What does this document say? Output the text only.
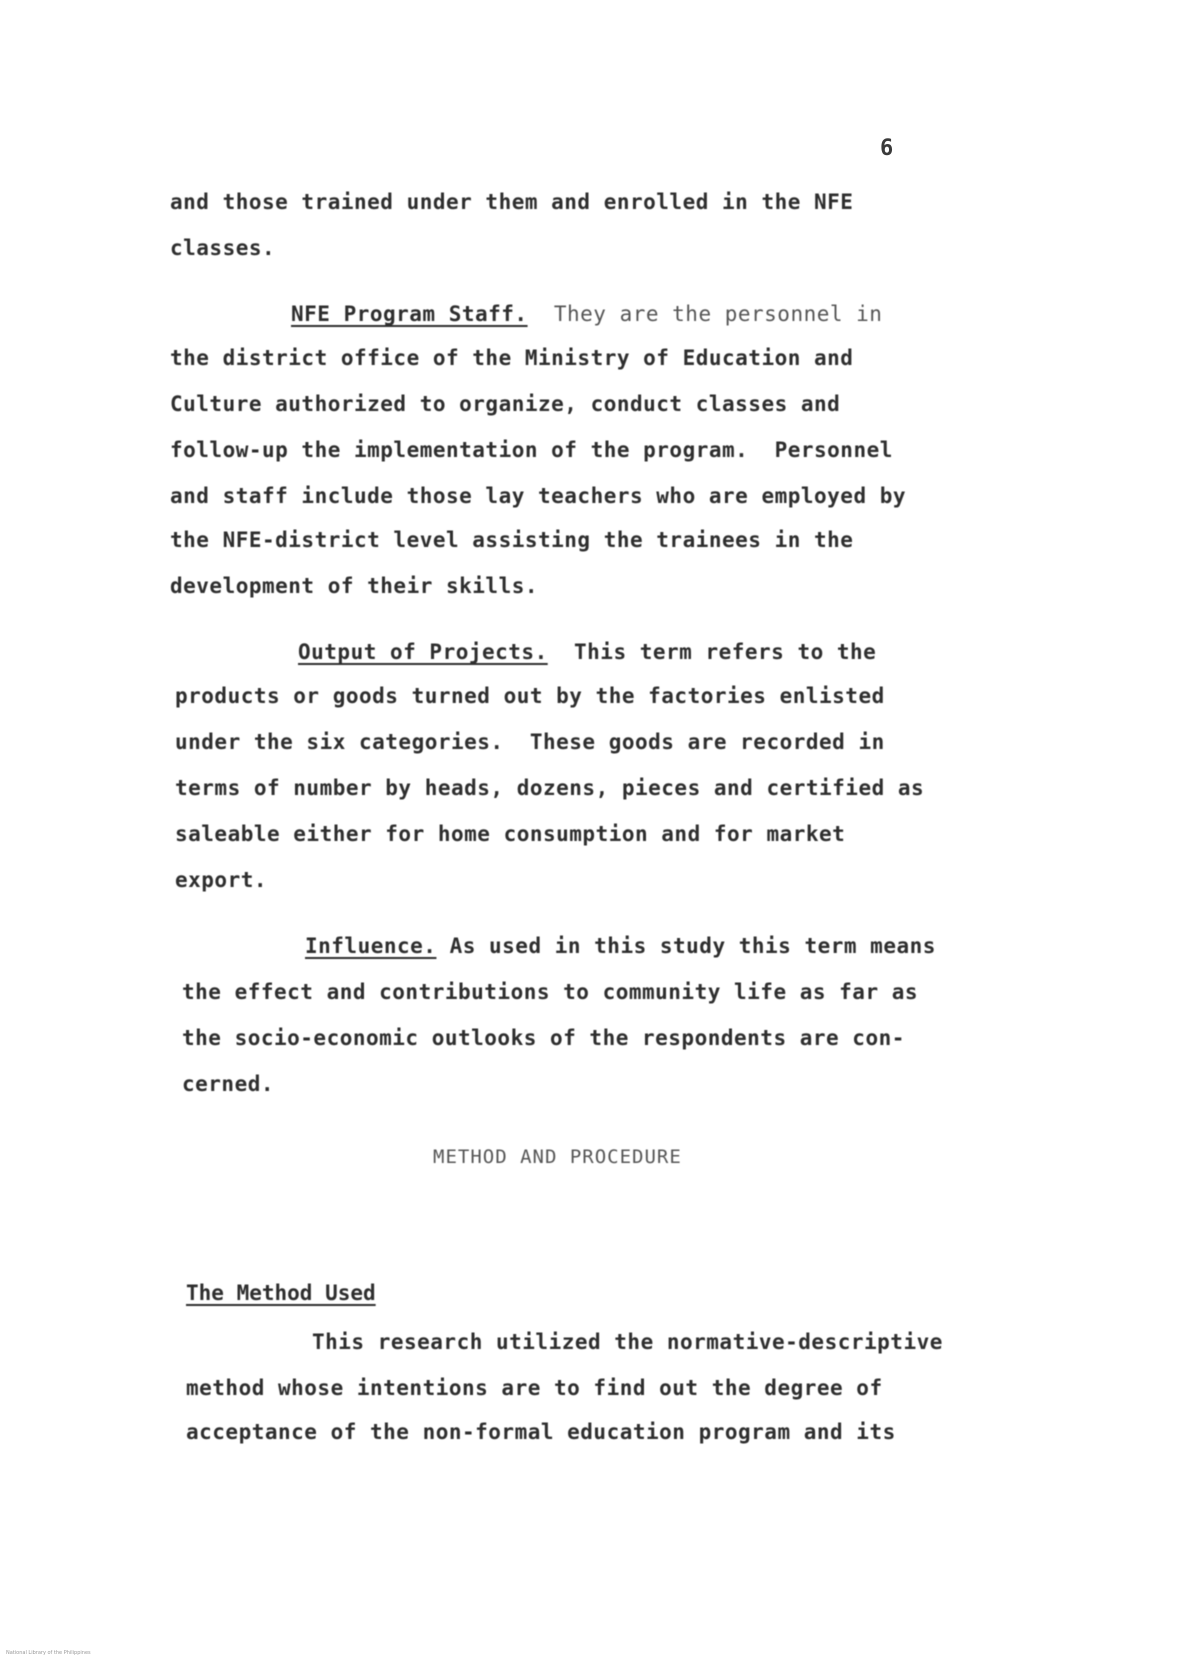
6
and those trained under them and enrolled in the NFE
classes.
NFE Program Staff. They are the personnel in
the district office of the Ministry of Education and
Culture authorized to organize, conduct classes and
follow-up the implementation of the program.  Personnel
and staff include those lay teachers who are employed by
the NFE-district level assisting the trainees in the
development of their skills.
Output of Projects. This term refers to the
products or goods turned out by the factories enlisted
under the six categories.  These goods are recorded in
terms of number by heads, dozens, pieces and certified as
saleable either for home consumption and for market
export.
Influence. As used in this study this term means
the effect and contributions to community life as far as
the socio-economic outlooks of the respondents are con-
cerned.
METHOD AND PROCEDURE
The Method Used
This research utilized the normative-descriptive
method whose intentions are to find out the degree of
acceptance of the non-formal education program and its
National Library of the Philippines
